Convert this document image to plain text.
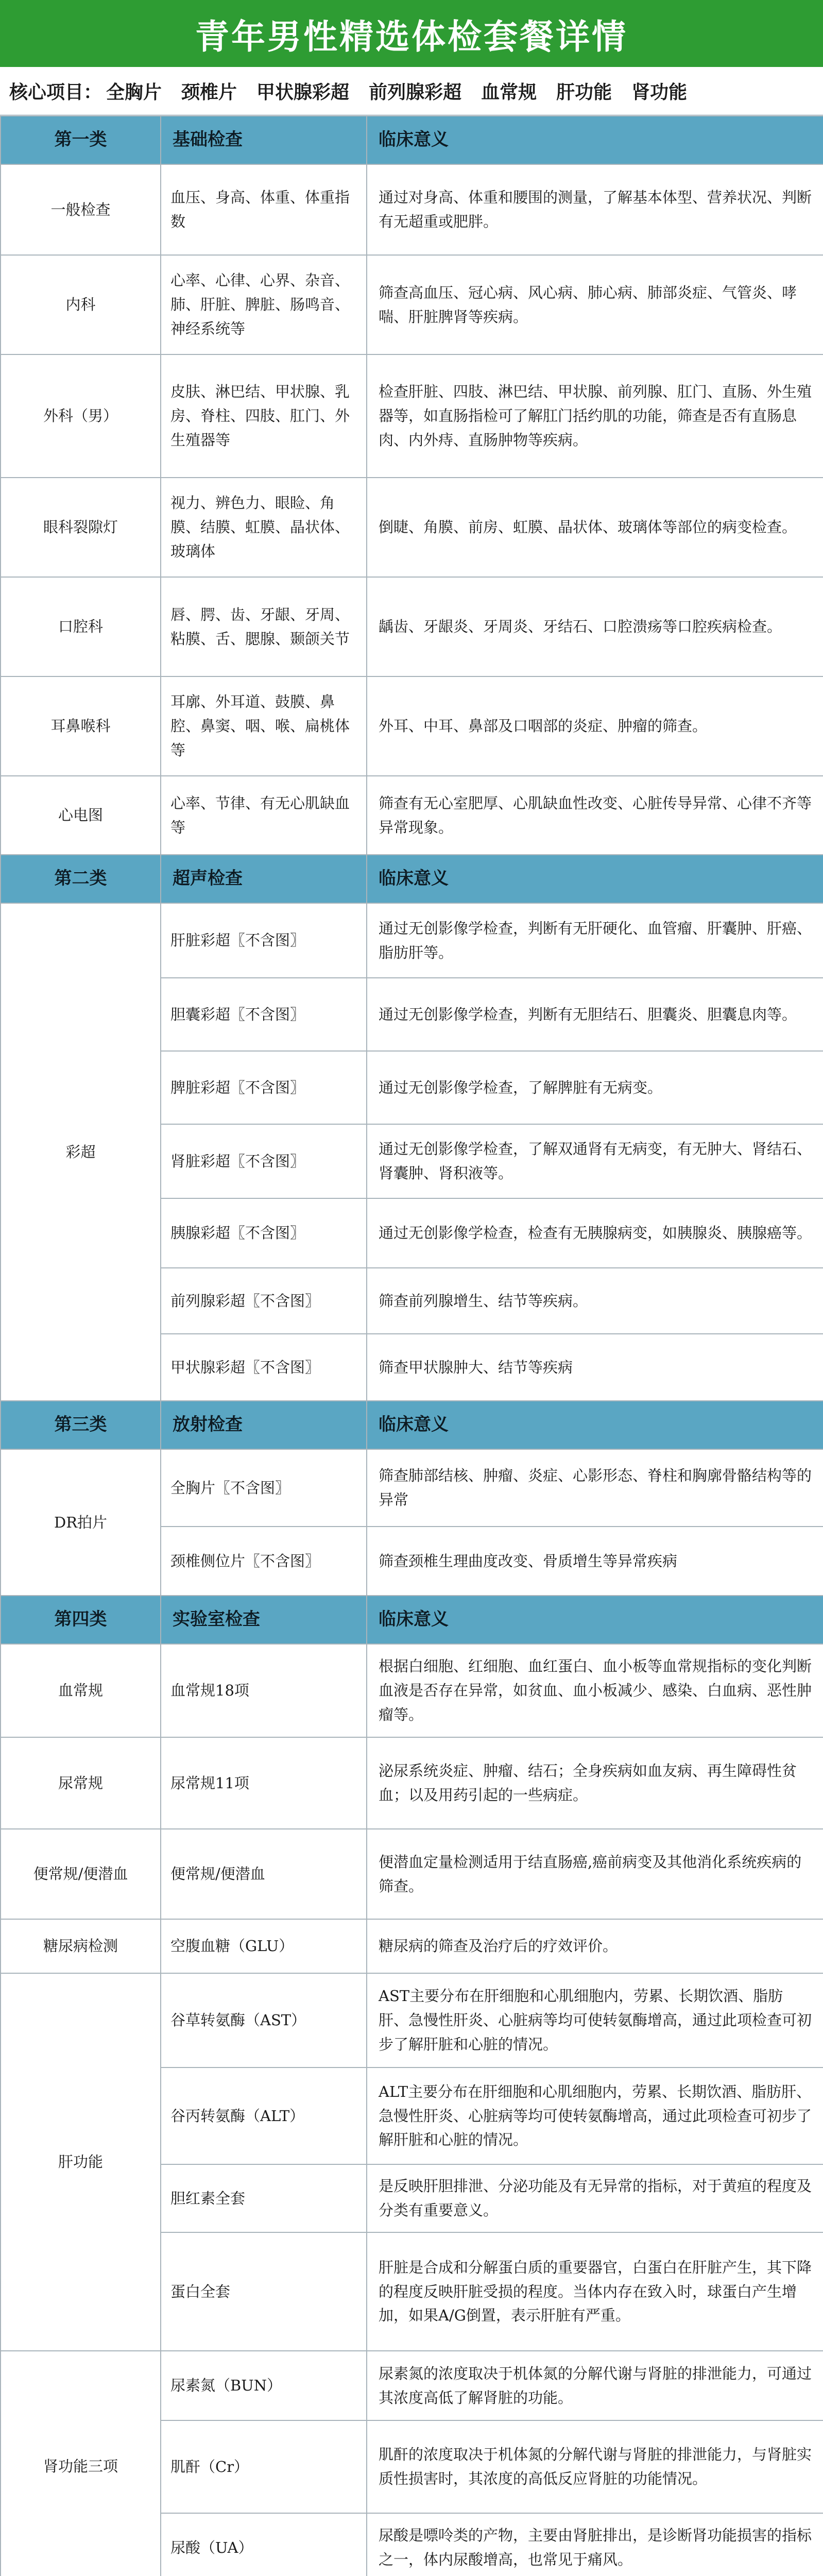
青年男性精选体检套餐详情
核心项目： 全胸片 颈椎片 甲状腺彩超 前列腺彩超 血常规 肝功能 肾功能
第一类	基础检查	临床意义
一般检查	血压、身高、体重、体重指数	通过对身高、体重和腰围的测量，了解基本体型、营养状况、判断有无超重或肥胖。
内科	心率、心律、心界、杂音、肺、肝脏、脾脏、肠鸣音、神经系统等	筛查高血压、冠心病、风心病、肺心病、肺部炎症、气管炎、哮喘、肝脏脾肾等疾病。
外科（男）	皮肤、淋巴结、甲状腺、乳房、脊柱、四肢、肛门、外生殖器等	检查肝脏、四肢、淋巴结、甲状腺、前列腺、肛门、直肠、外生殖器等，如直肠指检可了解肛门括约肌的功能，筛查是否有直肠息肉、内外痔、直肠肿物等疾病。
眼科裂隙灯	视力、辨色力、眼睑、角膜、结膜、虹膜、晶状体、玻璃体	倒睫、角膜、前房、虹膜、晶状体、玻璃体等部位的病变检查。
口腔科	唇、腭、齿、牙龈、牙周、粘膜、舌、腮腺、颞颌关节	龋齿、牙龈炎、牙周炎、牙结石、口腔溃疡等口腔疾病检查。
耳鼻喉科	耳廓、外耳道、鼓膜、鼻腔、鼻窦、咽、喉、扁桃体等	外耳、中耳、鼻部及口咽部的炎症、肿瘤的筛查。
心电图	心率、节律、有无心肌缺血等	筛查有无心室肥厚、心肌缺血性改变、心脏传导异常、心律不齐等异常现象。
第二类	超声检查	临床意义
彩超	肝脏彩超〖不含图〗	通过无创影像学检查，判断有无肝硬化、血管瘤、肝囊肿、肝癌、脂肪肝等。
	胆囊彩超〖不含图〗	通过无创影像学检查，判断有无胆结石、胆囊炎、胆囊息肉等。
	脾脏彩超〖不含图〗	通过无创影像学检查，了解脾脏有无病变。
	肾脏彩超〖不含图〗	通过无创影像学检查，了解双通肾有无病变，有无肿大、肾结石、肾囊肿、肾积液等。
	胰腺彩超〖不含图〗	通过无创影像学检查，检查有无胰腺病变，如胰腺炎、胰腺癌等。
	前列腺彩超〖不含图〗	筛查前列腺增生、结节等疾病。
	甲状腺彩超〖不含图〗	筛查甲状腺肿大、结节等疾病
第三类	放射检查	临床意义
DR拍片	全胸片〖不含图〗	筛查肺部结核、肿瘤、炎症、心影形态、脊柱和胸廓骨骼结构等的异常
	颈椎侧位片〖不含图〗	筛查颈椎生理曲度改变、骨质增生等异常疾病
第四类	实验室检查	临床意义
血常规	血常规18项	根据白细胞、红细胞、血红蛋白、血小板等血常规指标的变化判断血液是否存在异常，如贫血、血小板减少、感染、白血病、恶性肿瘤等。
尿常规	尿常规11项	泌尿系统炎症、肿瘤、结石；全身疾病如血友病、再生障碍性贫血；以及用药引起的一些病症。
便常规/便潜血	便常规/便潜血	便潜血定量检测适用于结直肠癌,癌前病变及其他消化系统疾病的筛查。
糖尿病检测	空腹血糖（GLU）	糖尿病的筛查及治疗后的疗效评价。
肝功能	谷草转氨酶（AST）	AST主要分布在肝细胞和心肌细胞内，劳累、长期饮酒、脂肪肝、急慢性肝炎、心脏病等均可使转氨酶增高，通过此项检查可初步了解肝脏和心脏的情况。
	谷丙转氨酶（ALT）	ALT主要分布在肝细胞和心肌细胞内，劳累、长期饮酒、脂肪肝、急慢性肝炎、心脏病等均可使转氨酶增高，通过此项检查可初步了解肝脏和心脏的情况。
	胆红素全套	是反映肝胆排泄、分泌功能及有无异常的指标，对于黄疸的程度及分类有重要意义。
	蛋白全套	肝脏是合成和分解蛋白质的重要器官，白蛋白在肝脏产生，其下降的程度反映肝脏受损的程度。当体内存在致入时，球蛋白产生增加，如果A/G倒置，表示肝脏有严重。
肾功能三项	尿素氮（BUN）	尿素氮的浓度取决于机体氮的分解代谢与肾脏的排泄能力，可通过其浓度高低了解肾脏的功能。
	肌酐（Cr）	肌酐的浓度取决于机体氮的分解代谢与肾脏的排泄能力，与肾脏实质性损害时，其浓度的高低反应肾脏的功能情况。
	尿酸（UA）	尿酸是嘌呤类的产物，主要由肾脏排出，是诊断肾功能损害的指标之一，体内尿酸增高，也常见于痛风。
